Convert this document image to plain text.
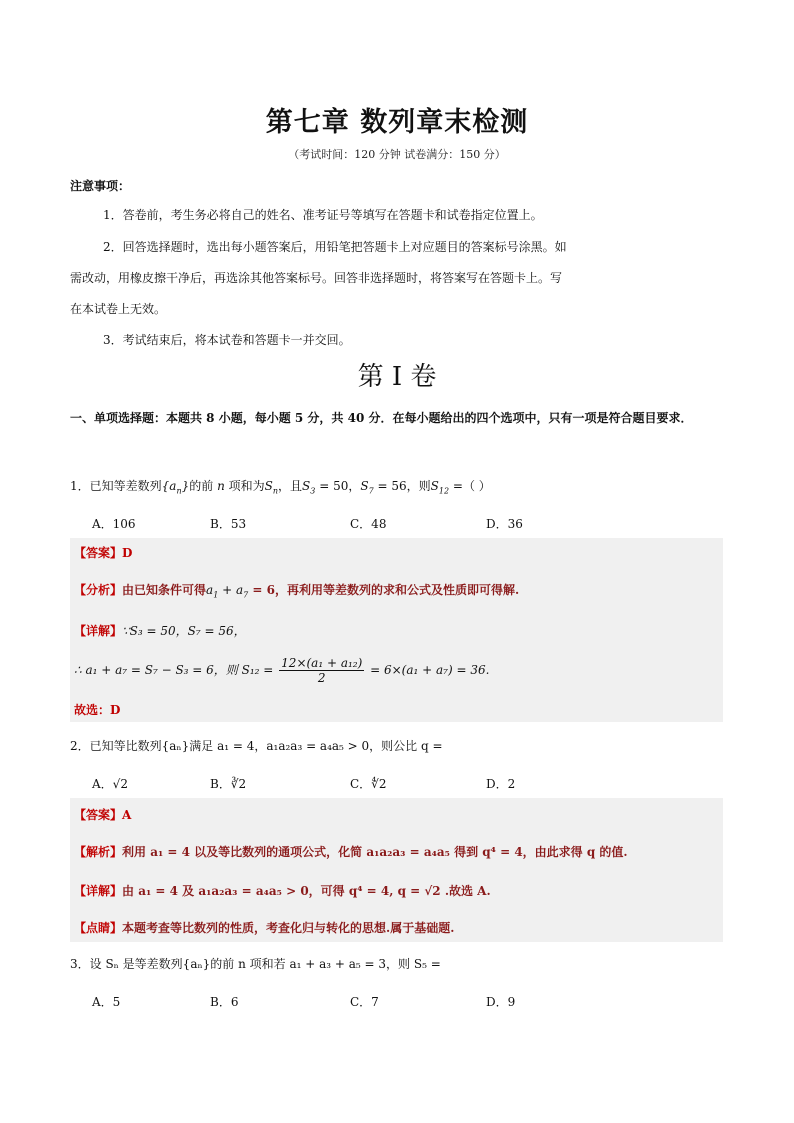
第七章 数列章末检测
（考试时间：120 分钟 试卷满分：150 分）
注意事项：
1．答卷前，考生务必将自己的姓名、准考证号等填写在答题卡和试卷指定位置上。
2．回答选择题时，选出每小题答案后，用铅笔把答题卡上对应题目的答案标号涂黑。如
需改动，用橡皮擦干净后，再选涂其他答案标号。回答非选择题时，将答案写在答题卡上。写
在本试卷上无效。
3．考试结束后，将本试卷和答题卡一并交回。
第 I 卷
一、单项选择题：本题共 8 小题，每小题 5 分，共 40 分．在每小题给出的四个选项中，只有一项是符合题目要求．
1．已知等差数列$\{a_n\}$的前 n 项和为$S_n$，且$S_3 = 50$，$S_7 = 56$，则$S_{12}$ =（ ）
A．106	B．53	C．48	D．36
【答案】D
【分析】由已知条件可得$a_1 + a_7 = 6$，再利用等差数列的求和公式及性质即可得解.
【详解】∵S₃ = 50，S₇ = 56，
∴ a₁ + a₇ = S₇ − S₃ = 6，则 $S_{12} = \frac{\text{12×(a₁ + a₁₂)}}{2} = 6\times(a_1 + a_7) = 36$.
故选：D
2．已知等比数列{aₙ}满足 a₁ = 4，a₁a₂a₃ = a₄a₅ > 0，则公比 q =
A．√2	B．∛2	C．∜2	D．2
【答案】A
【解析】利用 a₁ = 4 以及等比数列的通项公式，化简 a₁a₂a₃ = a₄a₅ 得到 q⁴ = 4，由此求得 q 的值.
【详解】由 a₁ = 4 及 a₁a₂a₃ = a₄a₅ > 0，可得 q⁴ = 4, q = √2 .故选 A.
【点睛】本题考查等比数列的性质，考查化归与转化的思想.属于基础题.
3．设 Sₙ 是等差数列{aₙ}的前 n 项和若 a₁ + a₃ + a₅ = 3，则 S₅ =
A．5	B．6	C．7	D．9
